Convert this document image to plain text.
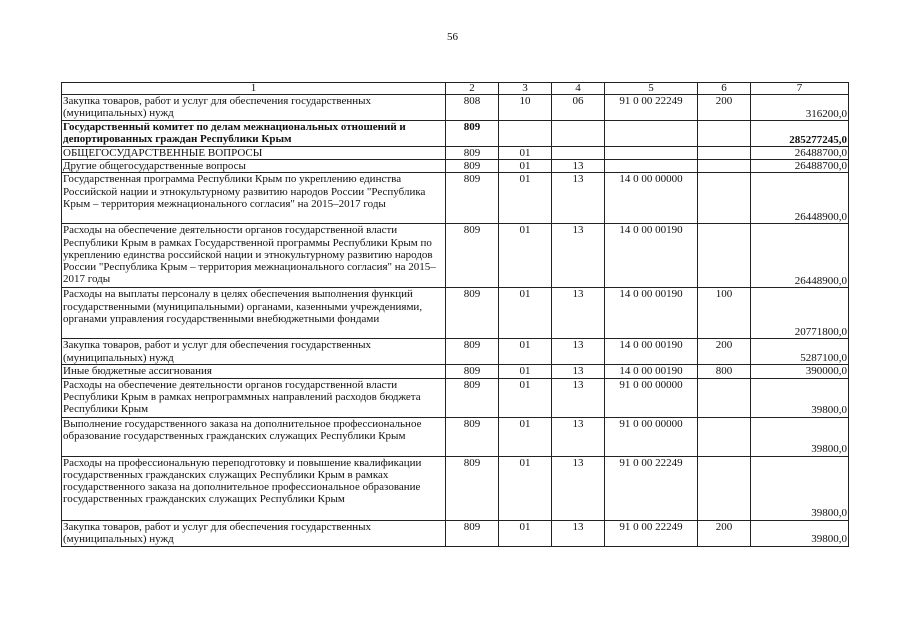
56
1	2	3	4	5	6	7
Закупка товаров, работ и услуг для обеспечения государственных (муниципальных) нужд	808	10	06	91 0 00 22249	200	316200,0
Государственный комитет по делам межнациональных отношений и депортированных граждан Республики Крым	809					285277245,0
ОБЩЕГОСУДАРСТВЕННЫЕ ВОПРОСЫ	809	01				26488700,0
Другие общегосударственные вопросы	809	01	13			26488700,0
Государственная программа Республики Крым по укреплению единства Российской нации и этнокультурному развитию народов России "Республика Крым – территория межнационального согласия" на 2015–2017 годы	809	01	13	14 0 00 00000		26448900,0
Расходы на обеспечение деятельности органов государственной власти Республики Крым в рамках Государственной программы Республики Крым по укреплению единства российской нации и этнокультурному развитию народов России "Республика Крым – территория межнационального согласия" на 2015–2017 годы	809	01	13	14 0 00 00190		26448900,0
Расходы на выплаты персоналу в целях обеспечения выполнения функций государственными (муниципальными) органами, казенными учреждениями, органами управления государственными внебюджетными фондами	809	01	13	14 0 00 00190	100	20771800,0
Закупка товаров, работ и услуг для обеспечения государственных (муниципальных) нужд	809	01	13	14 0 00 00190	200	5287100,0
Иные бюджетные ассигнования	809	01	13	14 0 00 00190	800	390000,0
Расходы на обеспечение деятельности органов государственной власти Республики Крым в рамках непрограммных направлений расходов бюджета Республики Крым	809	01	13	91 0 00 00000		39800,0
Выполнение государственного заказа на дополнительное профессиональное образование государственных гражданских служащих Республики Крым	809	01	13	91 0 00 00000		39800,0
Расходы на профессиональную переподготовку и повышение квалификации государственных гражданских служащих Республики Крым в рамках государственного заказа на дополнительное профессиональное образование государственных гражданских служащих Республики Крым	809	01	13	91 0 00 22249		39800,0
Закупка товаров, работ и услуг для обеспечения государственных (муниципальных) нужд	809	01	13	91 0 00 22249	200	39800,0
